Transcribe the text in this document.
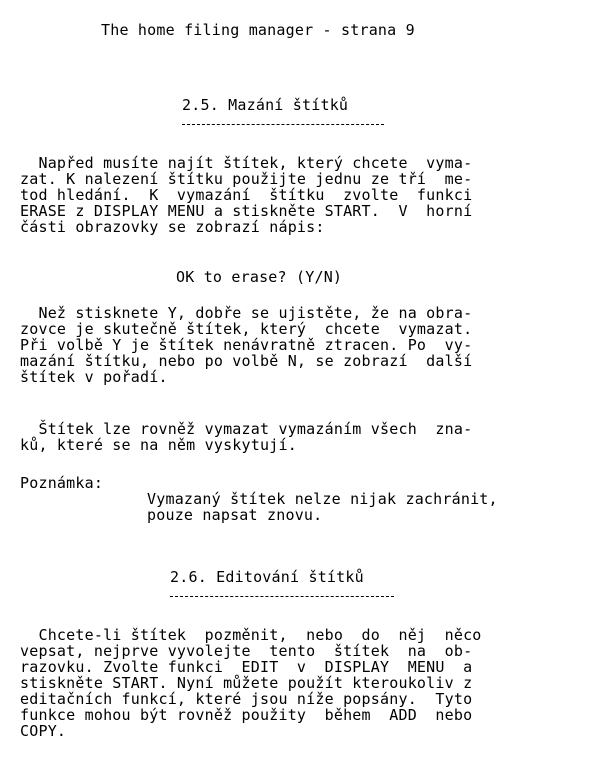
The home filing manager - strana 9
2.5. Mazání štítků
Napřed musíte najít štítek, který chcete  vyma-
zat. K nalezení štítku použijte jednu ze tří  me-
tod hledání.  K  vymazání  štítku  zvolte  funkci
ERASE z DISPLAY MENU a stiskněte START.  V  horní
části obrazovky se zobrazí nápis:
OK to erase? (Y/N)
Než stisknete Y, dobře se ujistěte, že na obra-
zovce je skutečně štítek, který  chcete  vymazat.
Při volbě Y je štítek nenávratně ztracen. Po  vy-
mazání štítku, nebo po volbě N, se zobrazí  další
štítek v pořadí.
Štítek lze rovněž vymazat vymazáním všech  zna-
ků, které se na něm vyskytují.
Poznámka:
Vymazaný štítek nelze nijak zachránit,
pouze napsat znovu.
2.6. Editování štítků
Chcete-li štítek  pozměnit,  nebo  do  něj  něco
vepsat, nejprve vyvolejte  tento  štítek  na  ob-
razovku. Zvolte funkci  EDIT  v  DISPLAY  MENU  a
stiskněte START. Nyní můžete použít kteroukoliv z
editačních funkcí, které jsou níže popsány.  Tyto
funkce mohou být rovněž použity  během  ADD  nebo
COPY.
